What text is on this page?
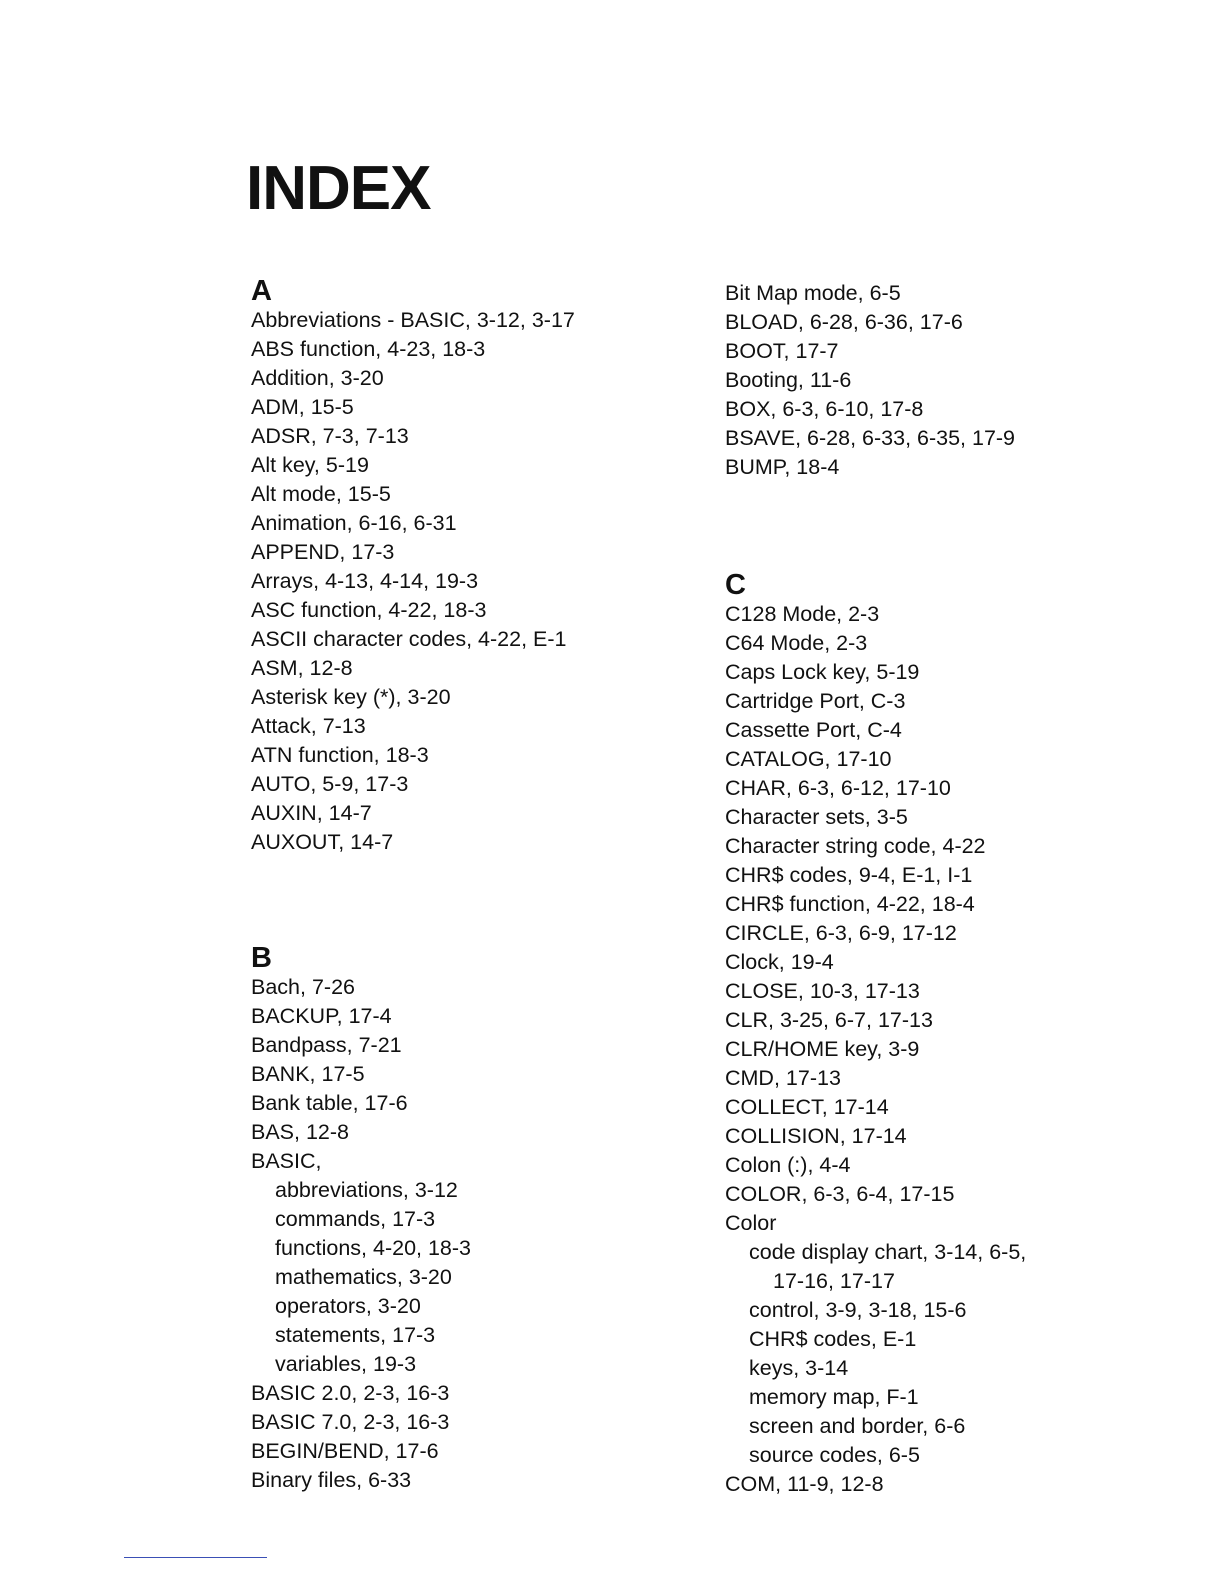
INDEX
A
Abbreviations - BASIC, 3-12, 3-17
ABS function, 4-23, 18-3
Addition, 3-20
ADM, 15-5
ADSR, 7-3, 7-13
Alt key, 5-19
Alt mode, 15-5
Animation, 6-16, 6-31
APPEND, 17-3
Arrays, 4-13, 4-14, 19-3
ASC function, 4-22, 18-3
ASCII character codes, 4-22, E-1
ASM, 12-8
Asterisk key (*), 3-20
Attack, 7-13
ATN function, 18-3
AUTO, 5-9, 17-3
AUXIN, 14-7
AUXOUT, 14-7
B
Bach, 7-26
BACKUP, 17-4
Bandpass, 7-21
BANK, 17-5
Bank table, 17-6
BAS, 12-8
BASIC,
abbreviations, 3-12
commands, 17-3
functions, 4-20, 18-3
mathematics, 3-20
operators, 3-20
statements, 17-3
variables, 19-3
BASIC 2.0, 2-3, 16-3
BASIC 7.0, 2-3, 16-3
BEGIN/BEND, 17-6
Binary files, 6-33
Bit Map mode, 6-5
BLOAD, 6-28, 6-36, 17-6
BOOT, 17-7
Booting, 11-6
BOX, 6-3, 6-10, 17-8
BSAVE, 6-28, 6-33, 6-35, 17-9
BUMP, 18-4
C
C128 Mode, 2-3
C64 Mode, 2-3
Caps Lock key, 5-19
Cartridge Port, C-3
Cassette Port, C-4
CATALOG, 17-10
CHAR, 6-3, 6-12, 17-10
Character sets, 3-5
Character string code, 4-22
CHR$ codes, 9-4, E-1, I-1
CHR$ function, 4-22, 18-4
CIRCLE, 6-3, 6-9, 17-12
Clock, 19-4
CLOSE, 10-3, 17-13
CLR, 3-25, 6-7, 17-13
CLR/HOME key, 3-9
CMD, 17-13
COLLECT, 17-14
COLLISION, 17-14
Colon (:), 4-4
COLOR, 6-3, 6-4, 17-15
Color
code display chart, 3-14, 6-5,
17-16, 17-17
control, 3-9, 3-18, 15-6
CHR$ codes, E-1
keys, 3-14
memory map, F-1
screen and border, 6-6
source codes, 6-5
COM, 11-9, 12-8
